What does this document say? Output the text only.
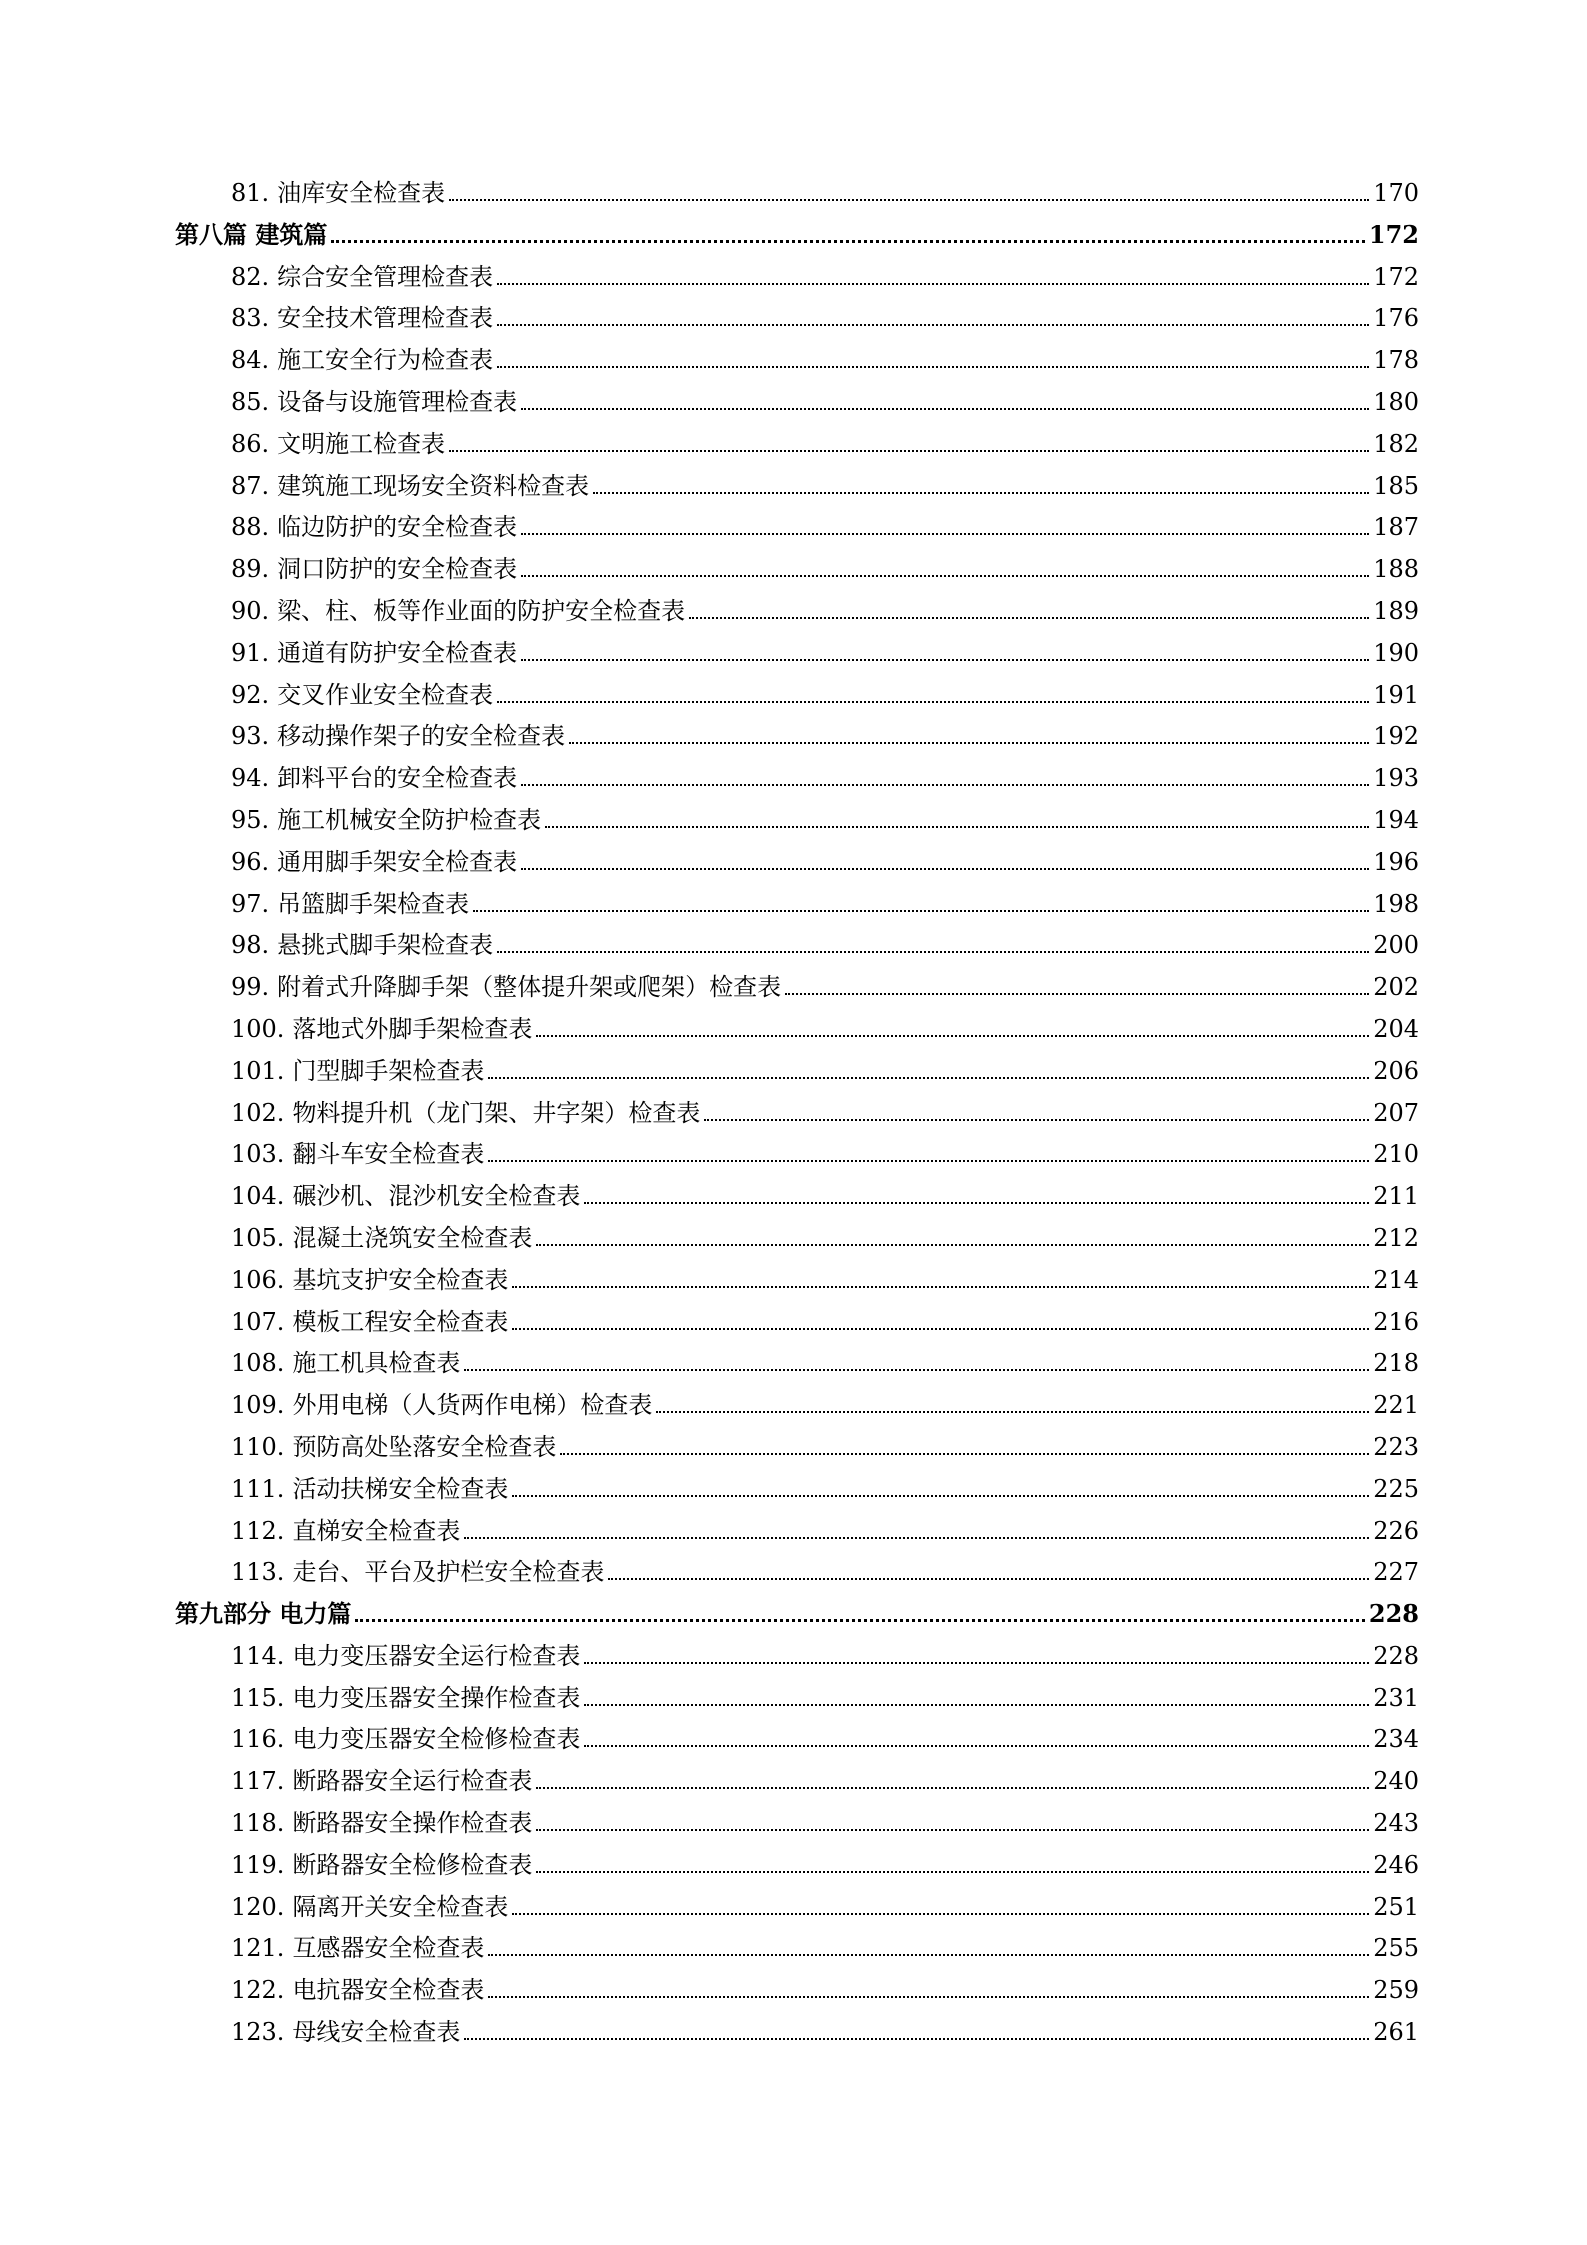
81. 油库安全检查表	170
第八篇 建筑篇	172
82. 综合安全管理检查表	172
83. 安全技术管理检查表	176
84. 施工安全行为检查表	178
85. 设备与设施管理检查表	180
86. 文明施工检查表	182
87. 建筑施工现场安全资料检查表	185
88. 临边防护的安全检查表	187
89. 洞口防护的安全检查表	188
90. 梁、柱、板等作业面的防护安全检查表	189
91. 通道有防护安全检查表	190
92. 交叉作业安全检查表	191
93. 移动操作架子的安全检查表	192
94. 卸料平台的安全检查表	193
95. 施工机械安全防护检查表	194
96. 通用脚手架安全检查表	196
97. 吊篮脚手架检查表	198
98. 悬挑式脚手架检查表	200
99. 附着式升降脚手架（整体提升架或爬架）检查表	202
100. 落地式外脚手架检查表	204
101. 门型脚手架检查表	206
102. 物料提升机（龙门架、井字架）检查表	207
103. 翻斗车安全检查表	210
104. 碾沙机、混沙机安全检查表	211
105. 混凝土浇筑安全检查表	212
106. 基坑支护安全检查表	214
107. 模板工程安全检查表	216
108. 施工机具检查表	218
109. 外用电梯（人货两作电梯）检查表	221
110. 预防高处坠落安全检查表	223
111. 活动扶梯安全检查表	225
112. 直梯安全检查表	226
113. 走台、平台及护栏安全检查表	227
第九部分 电力篇	228
114. 电力变压器安全运行检查表	228
115. 电力变压器安全操作检查表	231
116. 电力变压器安全检修检查表	234
117. 断路器安全运行检查表	240
118. 断路器安全操作检查表	243
119. 断路器安全检修检查表	246
120. 隔离开关安全检查表	251
121. 互感器安全检查表	255
122. 电抗器安全检查表	259
123. 母线安全检查表	261
